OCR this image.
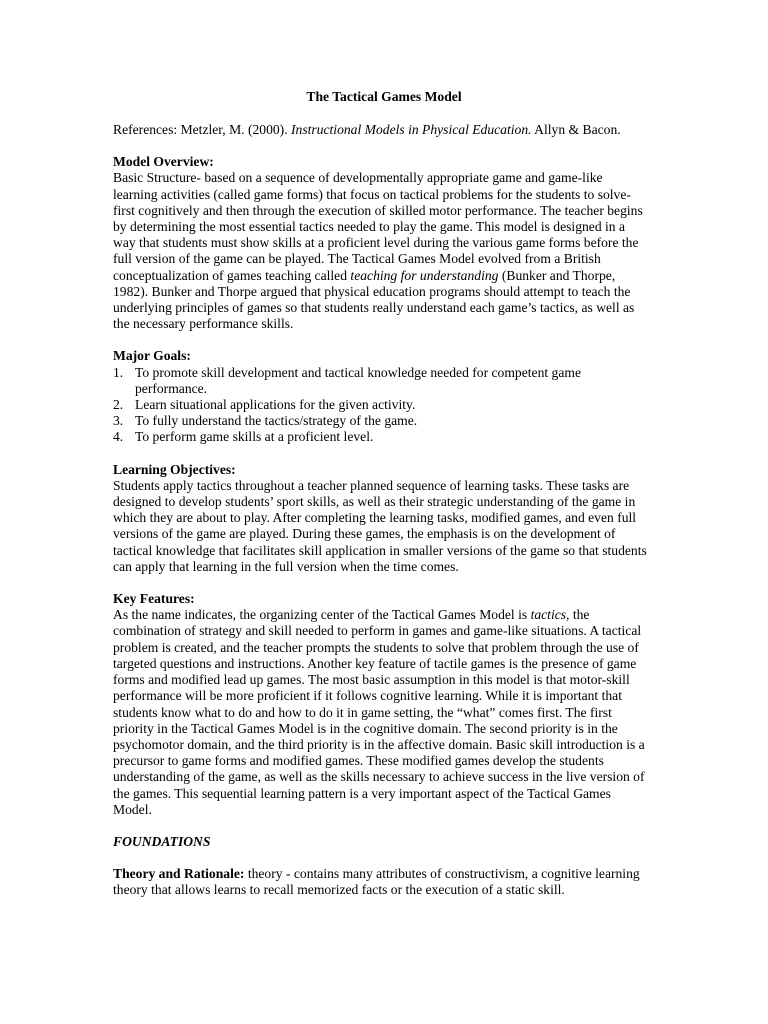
The Tactical Games Model
References: Metzler, M. (2000). Instructional Models in Physical Education. Allyn & Bacon.
Model Overview:

Basic Structure- based on a sequence of developmentally appropriate game and game-like learning activities (called game forms) that focus on tactical problems for the students to solve- first cognitively and then through the execution of skilled motor performance. The teacher begins by determining the most essential tactics needed to play the game. This model is designed in a way that students must show skills at a proficient level during the various game forms before the full version of the game can be played. The Tactical Games Model evolved from a British conceptualization of games teaching called teaching for understanding (Bunker and Thorpe, 1982). Bunker and Thorpe argued that physical education programs should attempt to teach the underlying principles of games so that students really understand each game’s tactics, as well as the necessary performance skills.

Major Goals:
1. To promote skill development and tactical knowledge needed for competent game performance.
2. Learn situational applications for the given activity.
3. To fully understand the tactics/strategy of the game.
4. To perform game skills at a proficient level.
Learning Objectives:

Students apply tactics throughout a teacher planned sequence of learning tasks. These tasks are designed to develop students’ sport skills, as well as their strategic understanding of the game in which they are about to play. After completing the learning tasks, modified games, and even full versions of the game are played. During these games, the emphasis is on the development of tactical knowledge that facilitates skill application in smaller versions of the game so that students can apply that learning in the full version when the time comes.

Key Features:

As the name indicates, the organizing center of the Tactical Games Model is tactics, the combination of strategy and skill needed to perform in games and game-like situations. A tactical problem is created, and the teacher prompts the students to solve that problem through the use of targeted questions and instructions. Another key feature of tactile games is the presence of game forms and modified lead up games. The most basic assumption in this model is that motor-skill performance will be more proficient if it follows cognitive learning. While it is important that students know what to do and how to do it in game setting, the “what” comes first. The first priority in the Tactical Games Model is in the cognitive domain. The second priority is in the psychomotor domain, and the third priority is in the affective domain. Basic skill introduction is a precursor to game forms and modified games. These modified games develop the students understanding of the game, as well as the skills necessary to achieve success in the live version of the games. This sequential learning pattern is a very important aspect of the Tactical Games Model.

FOUNDATIONS

Theory and Rationale: theory - contains many attributes of constructivism, a cognitive learning theory that allows learns to recall memorized facts or the execution of a static skill.
